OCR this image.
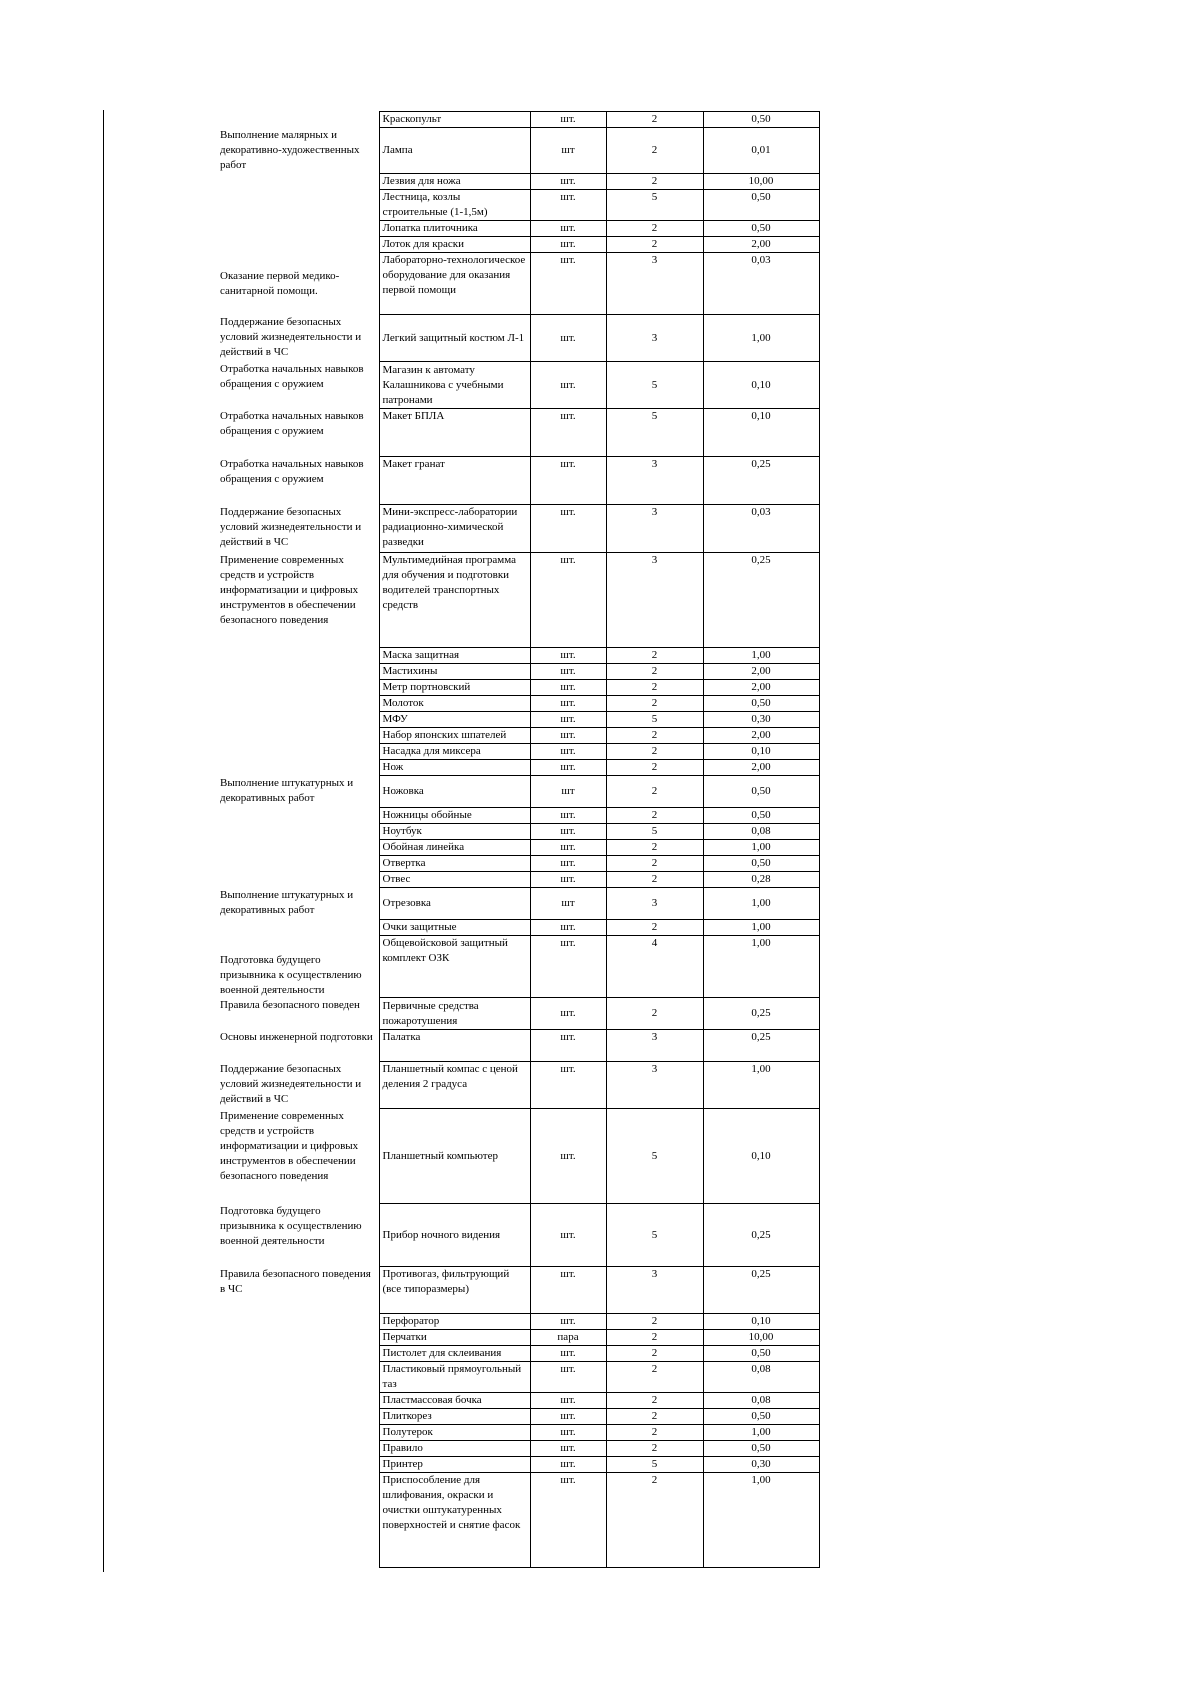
	Краскопульт	шт.	2	0,50
Выполнение малярных и декоративно-художественных работ	Лампа	шт	2	0,01
	Лезвия для ножа	шт.	2	10,00
	Лестница, козлы строительные (1-1,5м)	шт.	5	0,50
	Лопатка плиточника	шт.	2	0,50
	Лоток для краски	шт.	2	2,00
Оказание первой медико-санитарной помощи.	Лабораторно-технологическое оборудование для оказания первой помощи	шт.	3	0,03
Поддержание безопасных условий жизнедеятельности и действий в ЧС	Легкий защитный костюм Л-1	шт.	3	1,00
Отработка начальных навыков обращения с оружием	Магазин к автомату Калашникова с учебными патронами	шт.	5	0,10
Отработка начальных навыков обращения с оружием	Макет БПЛА	шт.	5	0,10
Отработка начальных навыков обращения с оружием	Макет гранат	шт.	3	0,25
Поддержание безопасных условий жизнедеятельности и действий в ЧС	Мини-экспресс-лаборатории радиационно-химической разведки	шт.	3	0,03
Применение современных средств и устройств информатизации и цифровых инструментов в обеспечении безопасного поведения	Мультимедийная программа для обучения и подготовки водителей транспортных средств	шт.	3	0,25
	Маска защитная	шт.	2	1,00
	Мастихины	шт.	2	2,00
	Метр портновский	шт.	2	2,00
	Молоток	шт.	2	0,50
	МФУ	шт.	5	0,30
	Набор японских шпателей	шт.	2	2,00
	Насадка для миксера	шт.	2	0,10
	Нож	шт.	2	2,00
Выполнение штукатурных и декоративных работ	Ножовка	шт	2	0,50
	Ножницы обойные	шт.	2	0,50
	Ноутбук	шт.	5	0,08
	Обойная линейка	шт.	2	1,00
	Отвертка	шт.	2	0,50
	Отвес	шт.	2	0,28
Выполнение штукатурных и декоративных работ	Отрезовка	шт	3	1,00
	Очки защитные	шт.	2	1,00
Подготовка будущего призывника к осуществлению военной деятельности	Общевойсковой защитный комплект ОЗК	шт.	4	1,00
Правила безопасного поведен	Первичные средства пожаротушения	шт.	2	0,25
Основы инженерной подготовки	Палатка	шт.	3	0,25
Поддержание безопасных условий жизнедеятельности и действий в ЧС	Планшетный компас с ценой деления 2 градуса	шт.	3	1,00
Применение современных средств и устройств информатизации и цифровых инструментов в обеспечении безопасного поведения	Планшетный компьютер	шт.	5	0,10
Подготовка будущего призывника к осуществлению военной деятельности	Прибор ночного видения	шт.	5	0,25
Правила безопасного поведения в ЧС	Противогаз, фильтрующий (все типоразмеры)	шт.	3	0,25
	Перфоратор	шт.	2	0,10
	Перчатки	пара	2	10,00
	Пистолет для склеивания	шт.	2	0,50
	Пластиковый прямоугольный таз	шт.	2	0,08
	Пластмассовая бочка	шт.	2	0,08
	Плиткорез	шт.	2	0,50
	Полутерок	шт.	2	1,00
	Правило	шт.	2	0,50
	Принтер	шт.	5	0,30
	Приспособление для шлифования, окраски и очистки оштукатуренных поверхностей и снятие фасок	шт.	2	1,00
